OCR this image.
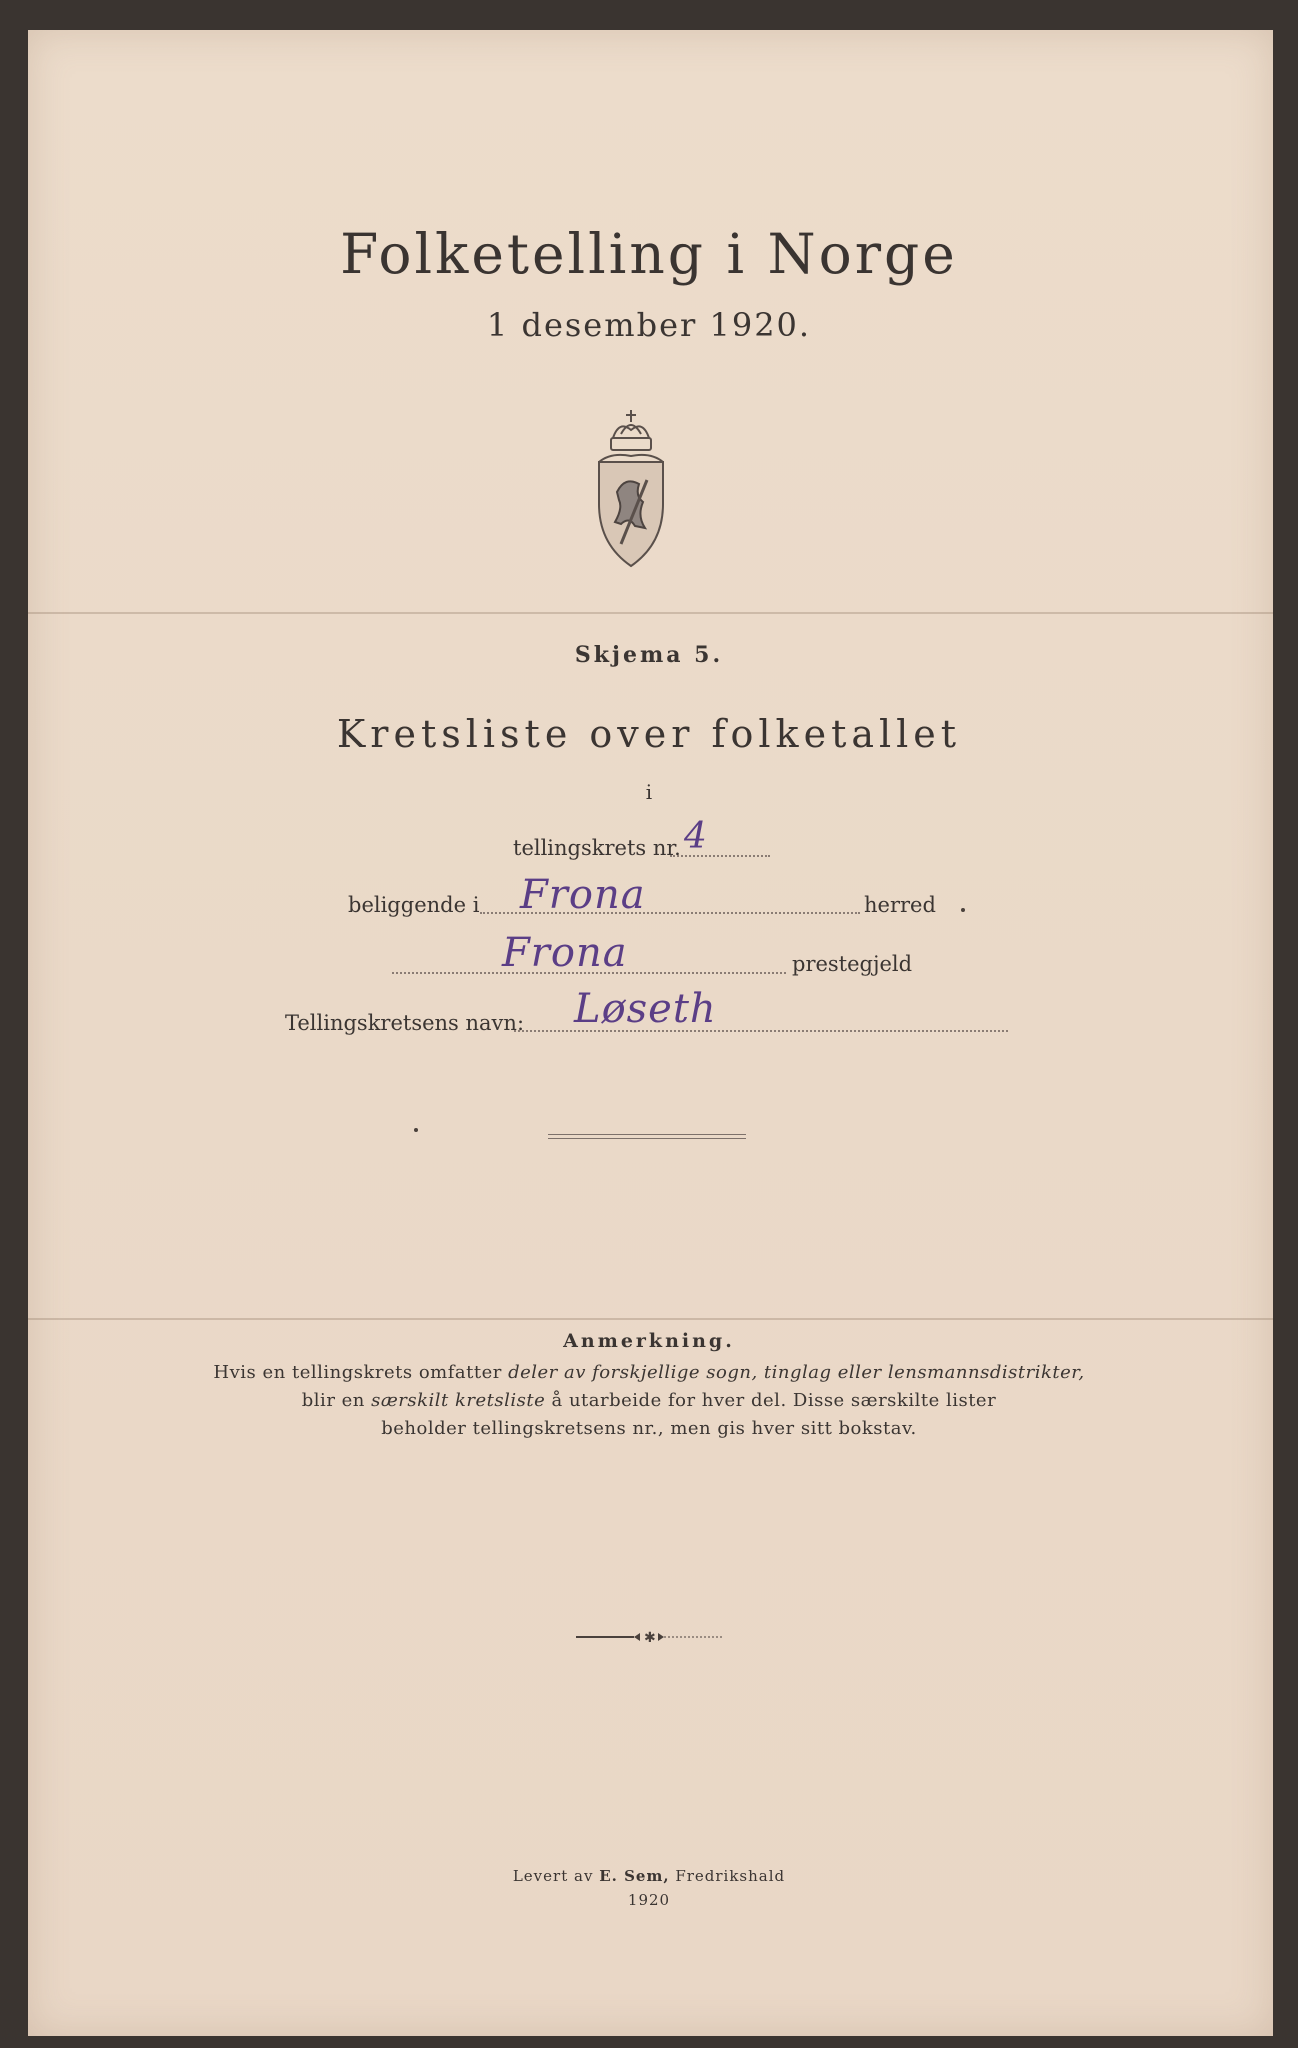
Folketelling i Norge
1 desember 1920.
Skjema 5.
Kretsliste over folketallet
i
tellingskrets nr. 4
beliggende i Frona	herred
Frona	prestegjeld
Tellingskretsens navn: Løseth
Anmerkning.
Hvis en tellingskrets omfatter deler av forskjellige sogn, tinglag eller lensmannsdistrikter,
blir en særskilt kretsliste å utarbeide for hver del. Disse særskilte lister
beholder tellingskretsens nr., men gis hver sitt bokstav.
✱
Levert av E. Sem, Fredrikshald
1920
